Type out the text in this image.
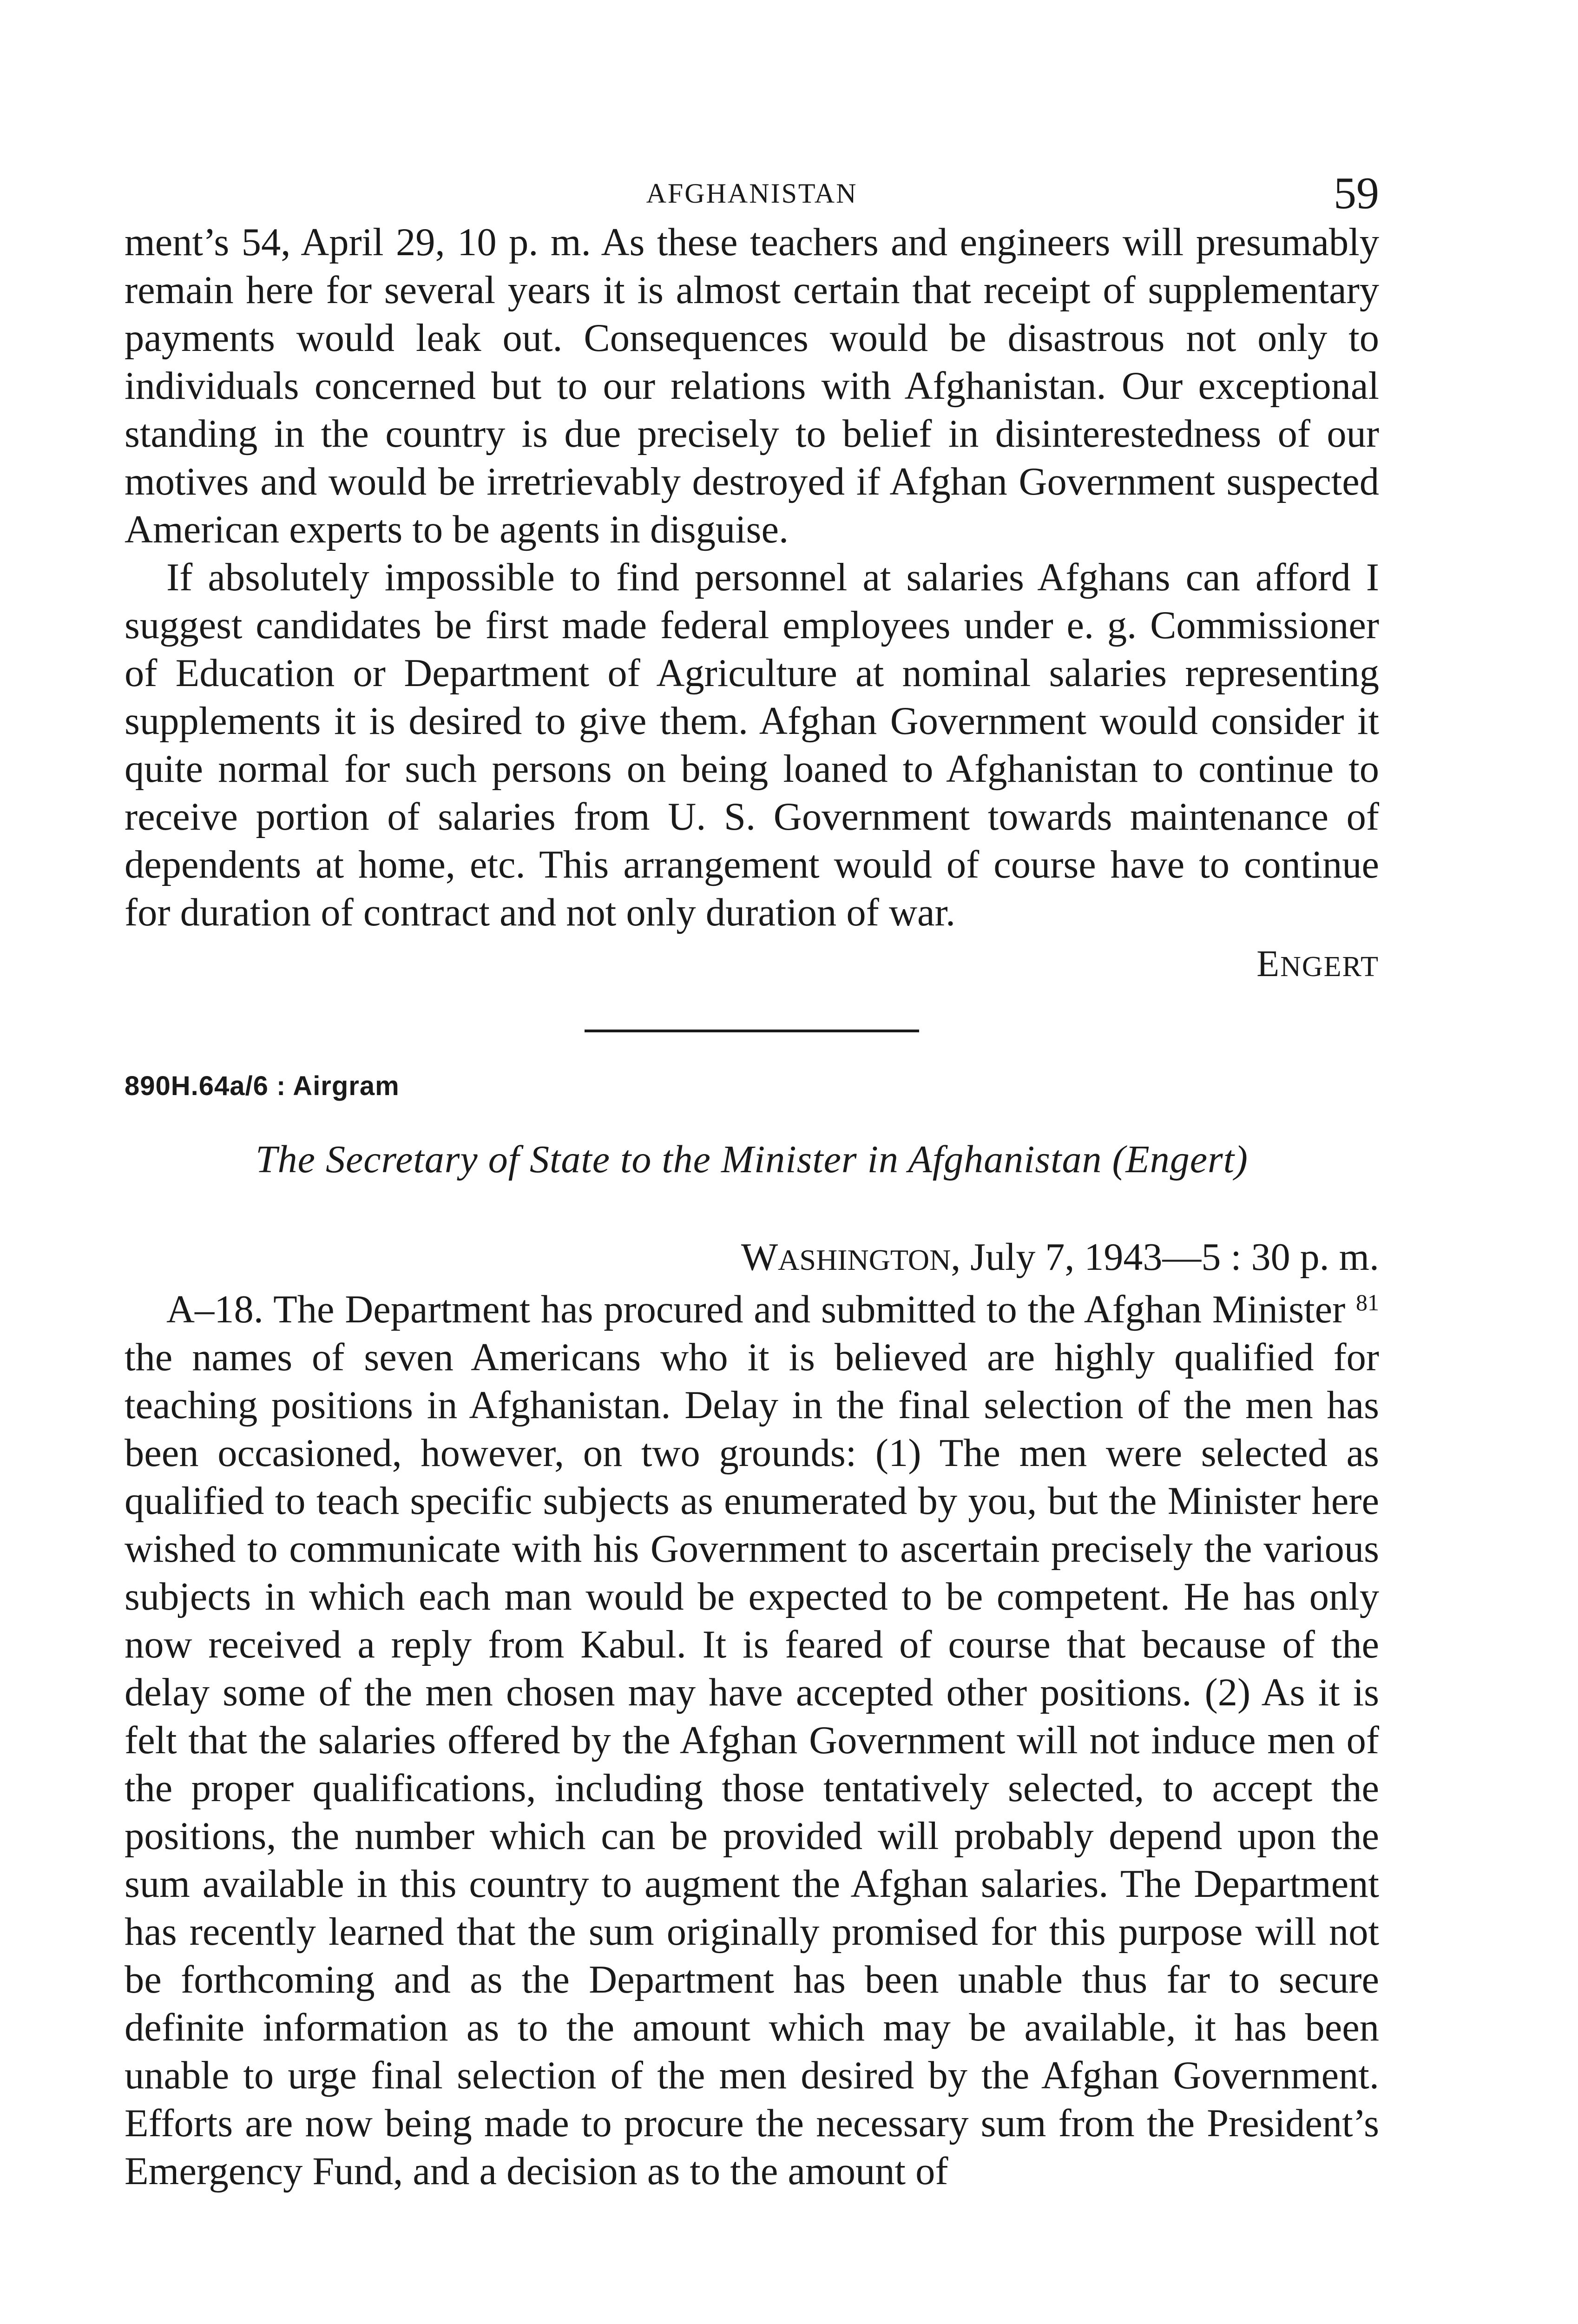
AFGHANISTAN	59

ment’s 54, April 29, 10 p. m. As these teachers and engineers will presumably remain here for several years it is almost certain that receipt of supplementary payments would leak out. Consequences would be disastrous not only to individuals concerned but to our relations with Afghanistan. Our exceptional standing in the country is due precisely to belief in disinterestedness of our motives and would be irretrievably destroyed if Afghan Government suspected American experts to be agents in disguise.

If absolutely impossible to find personnel at salaries Afghans can afford I suggest candidates be first made federal employees under e. g. Commissioner of Education or Department of Agriculture at nominal salaries representing supplements it is desired to give them. Afghan Government would consider it quite normal for such persons on being loaned to Afghanistan to continue to receive portion of salaries from U. S. Government towards maintenance of dependents at home, etc. This arrangement would of course have to continue for duration of contract and not only duration of war.

ENGERT
890H.64a/6 : Airgram
The Secretary of State to the Minister in Afghanistan (Engert)
WASHINGTON, July 7, 1943—5 : 30 p. m.

A–18. The Department has procured and submitted to the Afghan Minister $^{81}$ the names of seven Americans who it is believed are highly qualified for teaching positions in Afghanistan. Delay in the final selection of the men has been occasioned, however, on two grounds: (1) The men were selected as qualified to teach specific subjects as enumerated by you, but the Minister here wished to communicate with his Government to ascertain precisely the various subjects in which each man would be expected to be competent. He has only now received a reply from Kabul. It is feared of course that because of the delay some of the men chosen may have accepted other positions. (2) As it is felt that the salaries offered by the Afghan Government will not induce men of the proper qualifications, including those tentatively selected, to accept the positions, the number which can be provided will probably depend upon the sum available in this country to augment the Afghan salaries. The Department has recently learned that the sum originally promised for this purpose will not be forthcoming and as the Department has been unable thus far to secure definite information as to the amount which may be available, it has been unable to urge final selection of the men desired by the Afghan Government. Efforts are now being made to procure the necessary sum from the President’s Emergency Fund, and a decision as to the amount of
